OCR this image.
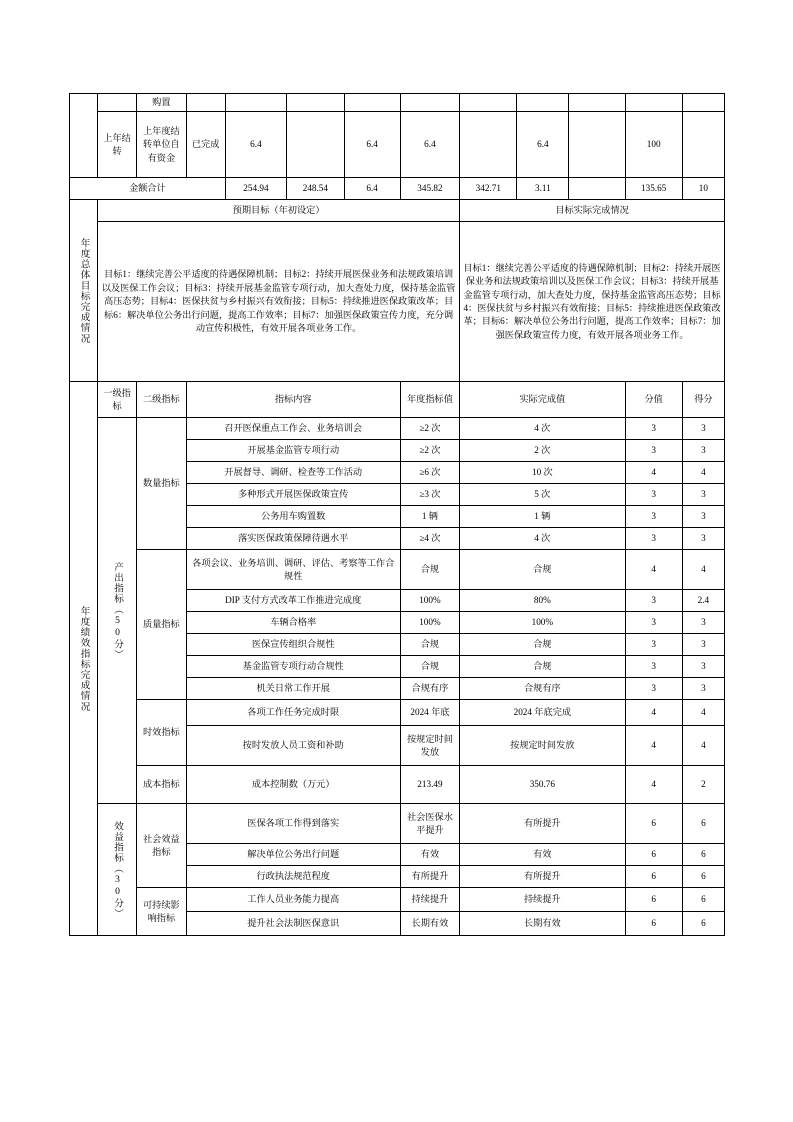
		购置										
	上年结转	上年度结转单位自有资金	已完成	6.4		6.4	6.4		6.4		100	
金额合计				254.94	248.54	6.4	345.82	342.71	3.11		135.65	10

年度总体目标完成情况	预期目标（年初设定）							目标实际完成情况				
	目标1：继续完善公平适度的待遇保障机制；目标2：持续开展医保业务和法规政策培训以及医保工作会议；目标3：持续开展基金监管专项行动，加大查处力度，保持基金监管高压态势；目标4：医保扶贫与乡村振兴有效衔接；目标5：持续推进医保政策改革；目标6：解决单位公务出行问题，提高工作效率；目标7：加强医保政策宣传力度，充分调动宣传积极性，有效开展各项业务工作。							目标1：继续完善公平适度的待遇保障机制；目标2：持续开展医保业务和法规政策培训以及医保工作会议；目标3：持续开展基金监管专项行动，加大查处力度，保持基金监管高压态势；目标4：医保扶贫与乡村振兴有效衔接；目标5：持续推进医保政策改革；目标6：解决单位公务出行问题，提高工作效率；目标7：加强医保政策宣传力度，有效开展各项业务工作。				

年度绩效指标完成情况	一级指标	二级指标	指标内容				年度指标值	实际完成值			分值	得分

	产出指标（50分）	数量指标	召开医保重点工作会、业务培训会				≥2 次	4 次			3	3
			开展基金监管专项行动				≥2 次	2 次			3	3
			开展督导、调研、检查等工作活动				≥6 次	10 次			4	4
			多种形式开展医保政策宣传				≥3 次	5 次			3	3
			公务用车购置数				1 辆	1 辆			3	3
			落实医保政策保障待遇水平				≥4 次	4 次			3	3
		质量指标	各项会议、业务培训、调研、评估、考察等工作合规性				合规	合规			4	4
			DIP 支付方式改革工作推进完成度				100%	80%			3	2.4
			车辆合格率				100%	100%			3	3
			医保宣传组织合规性				合规	合规			3	3
			基金监管专项行动合规性				合规	合规			3	3
			机关日常工作开展				合规有序	合规有序			3	3
		时效指标	各项工作任务完成时限				2024 年底	2024 年底完成			4	4
			按时发放人员工资和补助				按规定时间发放	按规定时间发放			4	4
		成本指标	成本控制数（万元）				213.49	350.76			4	2

	效益指标（30分）	社会效益指标	医保各项工作得到落实				社会医保水平提升	有所提升			6	6
			解决单位公务出行问题				有效	有效			6	6
			行政执法规范程度				有所提升	有所提升			6	6
		可持续影响指标	工作人员业务能力提高				持续提升	持续提升			6	6
			提升社会法制医保意识				长期有效	长期有效			6	6
